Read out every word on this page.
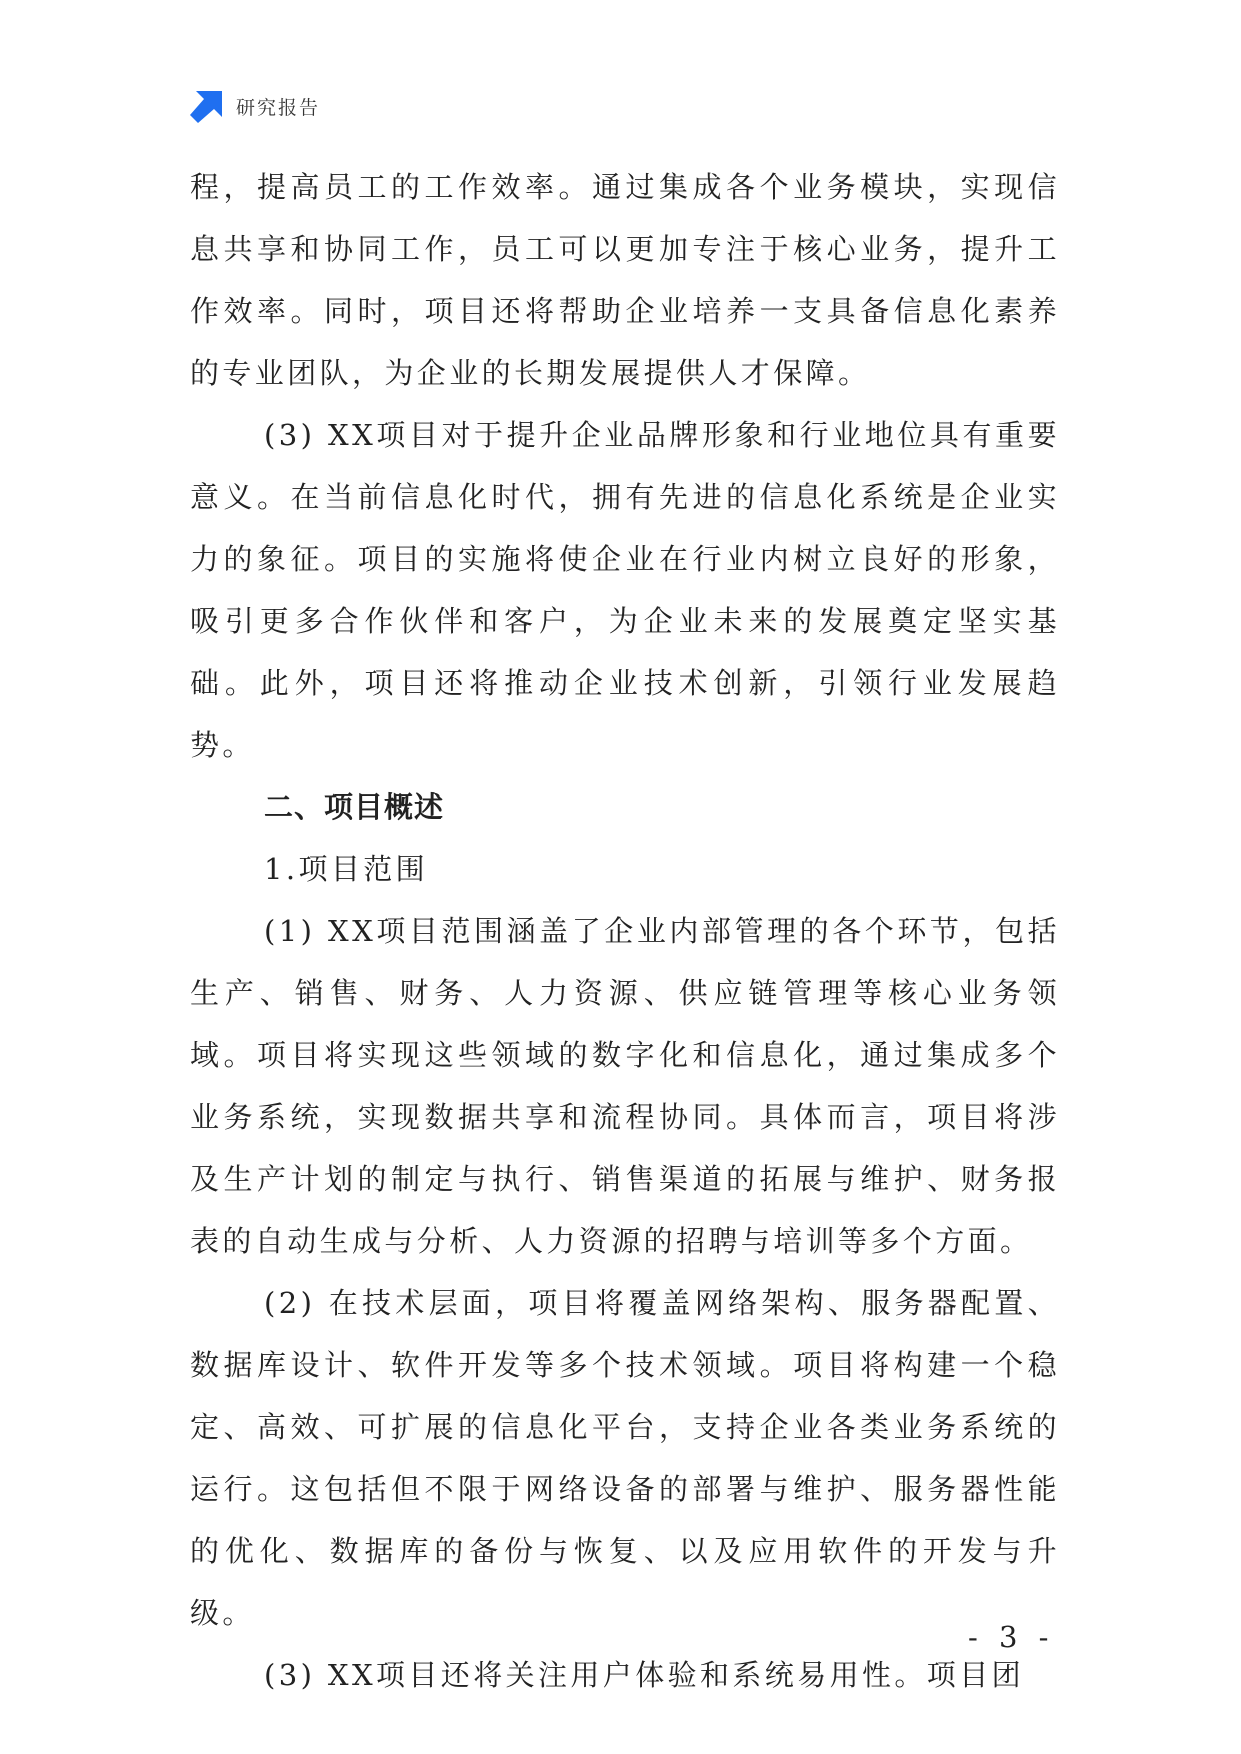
研究报告

程，提高员工的工作效率。通过集成各个业务模块，实现信息共享和协同工作，员工可以更加专注于核心业务，提升工作效率。同时，项目还将帮助企业培养一支具备信息化素养的专业团队，为企业的长期发展提供人才保障。

(3) XX项目对于提升企业品牌形象和行业地位具有重要意义。在当前信息化时代，拥有先进的信息化系统是企业实力的象征。项目的实施将使企业在行业内树立良好的形象，吸引更多合作伙伴和客户，为企业未来的发展奠定坚实基础。此外，项目还将推动企业技术创新，引领行业发展趋势。

二、项目概述

1.项目范围

(1) XX项目范围涵盖了企业内部管理的各个环节，包括生产、销售、财务、人力资源、供应链管理等核心业务领域。项目将实现这些领域的数字化和信息化，通过集成多个业务系统，实现数据共享和流程协同。具体而言，项目将涉及生产计划的制定与执行、销售渠道的拓展与维护、财务报表的自动生成与分析、人力资源的招聘与培训等多个方面。

(2) 在技术层面，项目将覆盖网络架构、服务器配置、数据库设计、软件开发等多个技术领域。项目将构建一个稳定、高效、可扩展的信息化平台，支持企业各类业务系统的运行。这包括但不限于网络设备的部署与维护、服务器性能的优化、数据库的备份与恢复、以及应用软件的开发与升级。

(3) XX项目还将关注用户体验和系统易用性。项目团

- 3 -
